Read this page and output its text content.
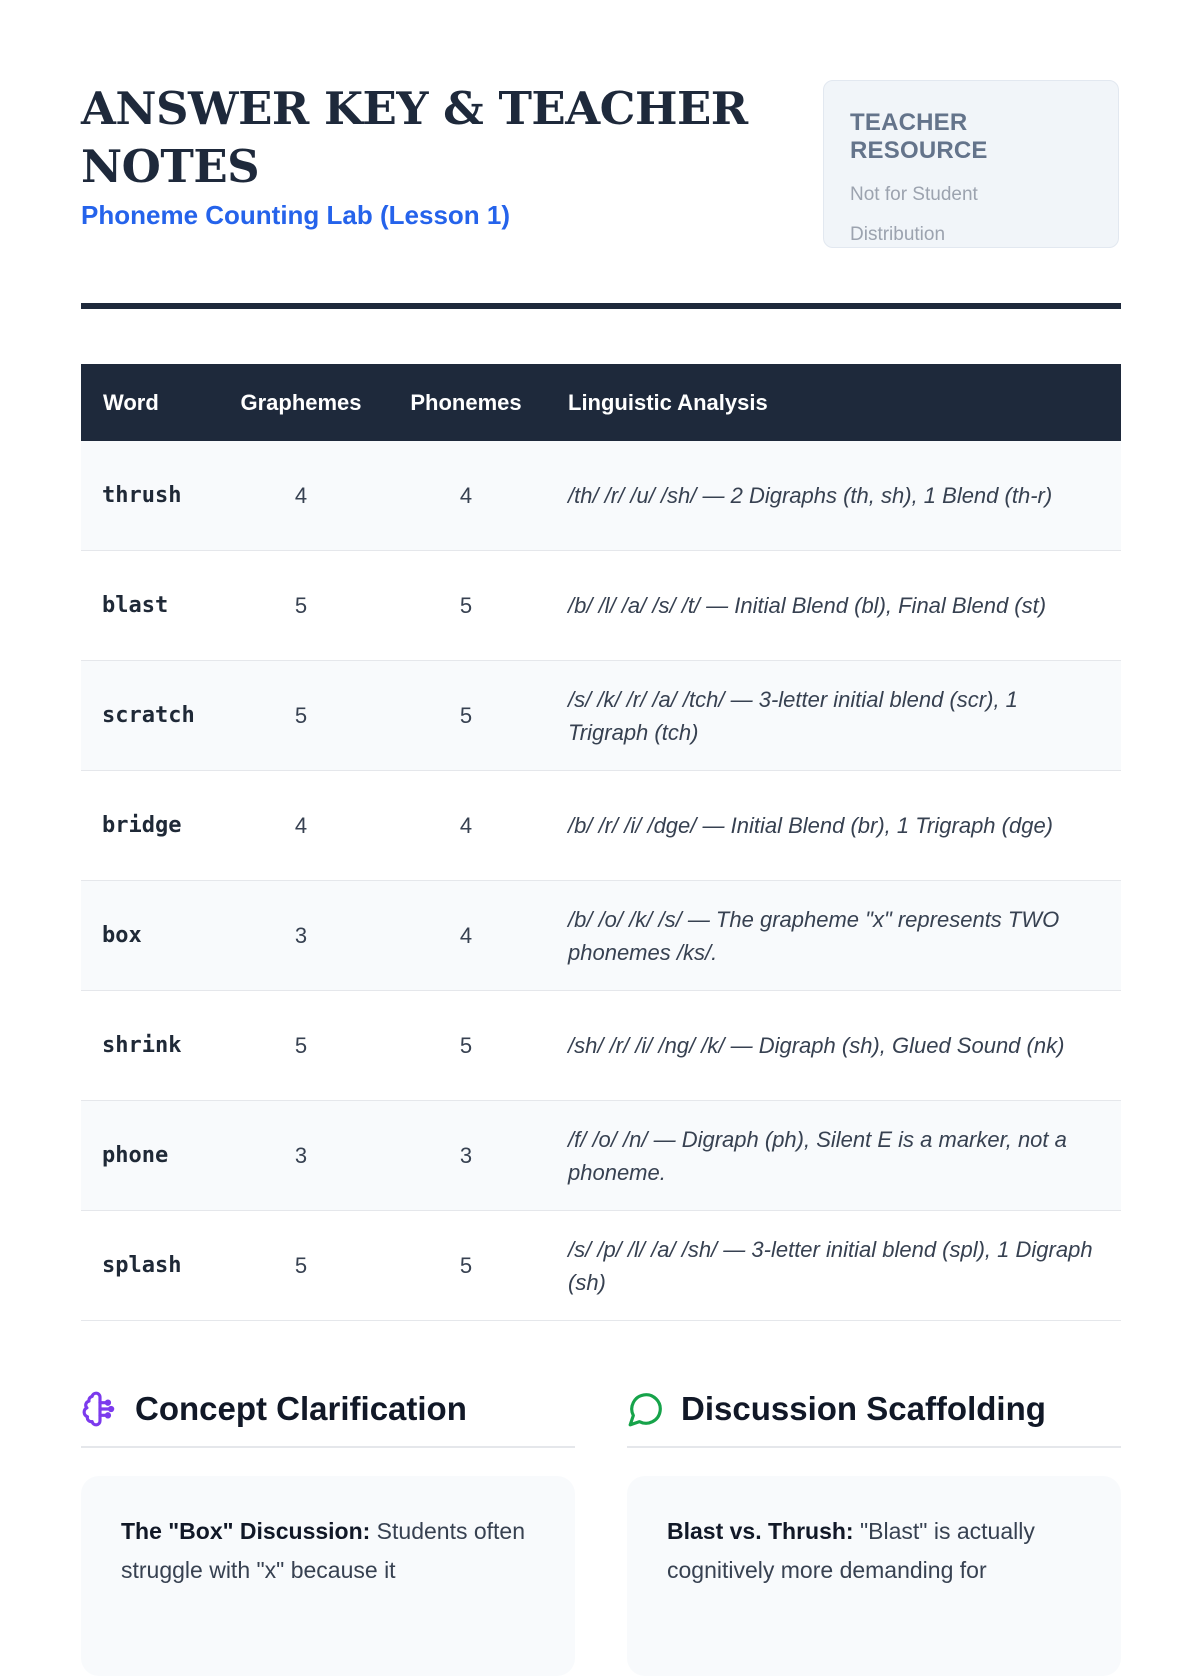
ANSWER KEY & TEACHER NOTES
Phoneme Counting Lab (Lesson 1)
TEACHER RESOURCE
Not for Student Distribution
Word	Graphemes	Phonemes	Linguistic Analysis
thrush	4	4	/th/ /r/ /u/ /sh/ — 2 Digraphs (th, sh), 1 Blend (th-r)
blast	5	5	/b/ /l/ /a/ /s/ /t/ — Initial Blend (bl), Final Blend (st)
scratch	5	5	/s/ /k/ /r/ /a/ /tch/ — 3-letter initial blend (scr), 1 Trigraph (tch)
bridge	4	4	/b/ /r/ /i/ /dge/ — Initial Blend (br), 1 Trigraph (dge)
box	3	4	/b/ /o/ /k/ /s/ — The grapheme "x" represents TWO phonemes /ks/.
shrink	5	5	/sh/ /r/ /i/ /ng/ /k/ — Digraph (sh), Glued Sound (nk)
phone	3	3	/f/ /o/ /n/ — Digraph (ph), Silent E is a marker, not a phoneme.
splash	5	5	/s/ /p/ /l/ /a/ /sh/ — 3-letter initial blend (spl), 1 Digraph (sh)
Concept Clarification

The "Box" Discussion: Students often struggle with "x" because it

Discussion Scaffolding

Blast vs. Thrush: "Blast" is actually cognitively more demanding for
